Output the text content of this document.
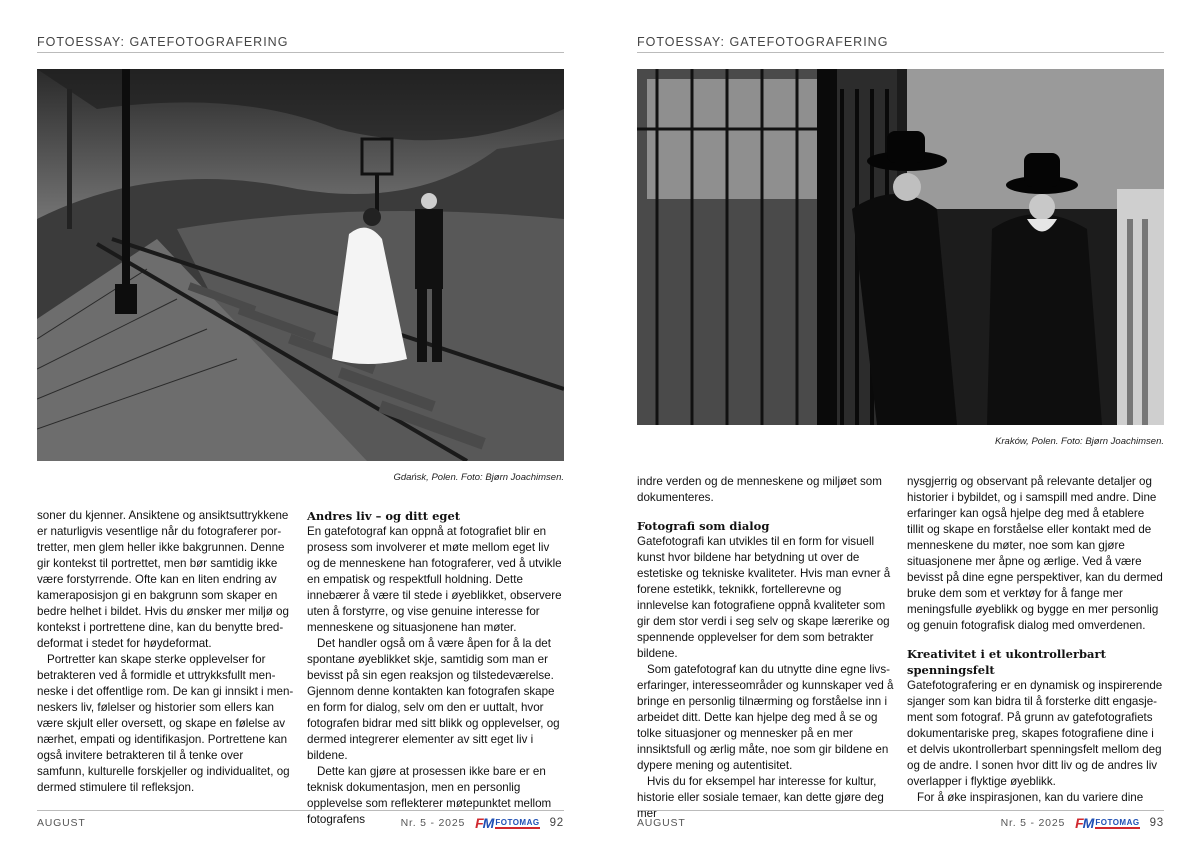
FOTOESSAY: GATEFOTOGRAFERING
Gdańsk, Polen. Foto: Bjørn Joachimsen.

soner du kjenner. Ansiktene og ansiktsuttrykkene er naturligvis vesentlige når du fotograferer portretter, men glem heller ikke bakgrunnen. Denne gir kontekst til portrettet, men bør samtidig ikke være forstyrrende. Ofte kan en liten endring av kameraposisjon gi en bakgrunn som skaper en bedre helhet i bildet. Hvis du ønsker mer miljø og kontekst i portrettene dine, kan du benytte breddeformat i stedet for høydeformat.

Portretter kan skape sterke opplevelser for betrakteren ved å formidle et uttrykksfullt menneske i det offentlige rom. De kan gi innsikt i menneskers liv, følelser og historier som ellers kan være skjult eller oversett, og skape en følelse av nærhet, empati og identifikasjon. Portrettene kan også invitere betrakteren til å tenke over samfunn, kulturelle forskjeller og individualitet, og dermed stimulere til refleksjon.

Andres liv – og ditt eget

En gatefotograf kan oppnå at fotografiet blir en prosess som involverer et møte mellom eget liv og de menneskene han fotograferer, ved å utvikle en empatisk og respektfull holdning. Dette innebærer å være til stede i øyeblikket, observere uten å forstyrre, og vise genuine interesse for menneskene og situasjonene han møter.

Det handler også om å være åpen for å la det spontane øyeblikket skje, samtidig som man er bevisst på sin egen reaksjon og tilstedeværelse. Gjennom denne kontakten kan fotografen skape en form for dialog, selv om den er uuttalt, hvor fotografen bidrar med sitt blikk og opplevelser, og dermed integrerer elementer av sitt eget liv i bildene.

Dette kan gjøre at prosessen ikke bare er en teknisk dokumentasjon, men en personlig opplevelse som reflekterer møtepunktet mellom fotografens

AUGUST	Nr. 5 - 2025 FM FOTOMAG 92
FOTOESSAY: GATEFOTOGRAFERING
Kraków, Polen. Foto: Bjørn Joachimsen.

indre verden og de menneskene og miljøet som dokumenteres.

Fotografi som dialog

Gatefotografi kan utvikles til en form for visuell kunst hvor bildene har betydning ut over de estetiske og tekniske kvaliteter. Hvis man evner å forene estetikk, teknikk, fortellerevne og innlevelse kan fotografiene oppnå kvaliteter som gir dem stor verdi i seg selv og skape lærerike og spennende opplevelser for dem som betrakter bildene.

Som gatefotograf kan du utnytte dine egne livserfaringer, interesseområder og kunnskaper ved å bringe en personlig tilnærming og forståelse inn i arbeidet ditt. Dette kan hjelpe deg med å se og tolke situasjoner og mennesker på en mer innsiktsfull og ærlig måte, noe som gir bildene en dypere mening og autentisitet.

Hvis du for eksempel har interesse for kultur, historie eller sosiale temaer, kan dette gjøre deg mer

nysgjerrig og observant på relevante detaljer og historier i bybildet, og i samspill med andre. Dine erfaringer kan også hjelpe deg med å etablere tillit og skape en forståelse eller kontakt med de menneskene du møter, noe som kan gjøre situasjonene mer åpne og ærlige. Ved å være bevisst på dine egne perspektiver, kan du dermed bruke dem som et verktøy for å fange mer meningsfulle øyeblikk og bygge en mer personlig og genuin fotografisk dialog med omverdenen.

Kreativitet i et ukontrollerbart spenningsfelt

Gatefotografering er en dynamisk og inspirerende sjanger som kan bidra til å forsterke ditt engasjement som fotograf. På grunn av gatefotografiets dokumentariske preg, skapes fotografiene dine i et delvis ukontrollerbart spenningsfelt mellom deg og de andre. I sonen hvor ditt liv og de andres liv overlapper i flyktige øyeblikk.

For å øke inspirasjonen, kan du variere dine

AUGUST	Nr. 5 - 2025 FM FOTOMAG 93
